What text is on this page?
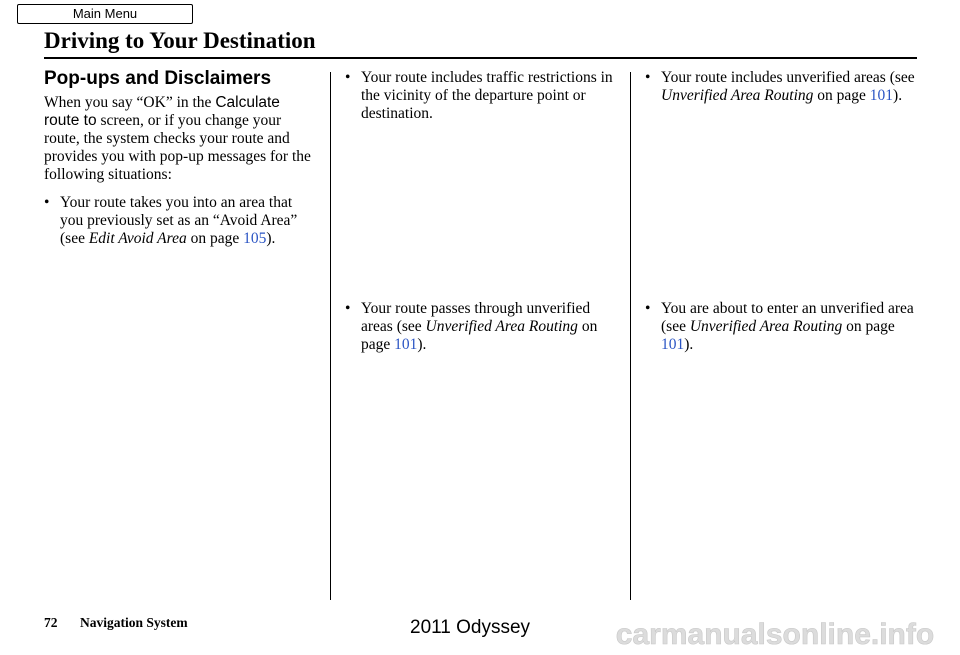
Main Menu
Driving to Your Destination
Pop-ups and Disclaimers

When you say “OK” in the Calculate route to screen, or if you change your route, the system checks your route and provides you with pop-up messages for the following situations:

• Your route takes you into an area that you previously set as an “Avoid Area” (see Edit Avoid Area on page 105).

• Your route includes traffic restrictions in the vicinity of the departure point or destination.

• Your route passes through unverified areas (see Unverified Area Routing on page 101).

• Your route includes unverified areas (see Unverified Area Routing on page 101).

• You are about to enter an unverified area (see Unverified Area Routing on page 101).

72 Navigation System	2011 Odyssey	carmanualsonline.info
